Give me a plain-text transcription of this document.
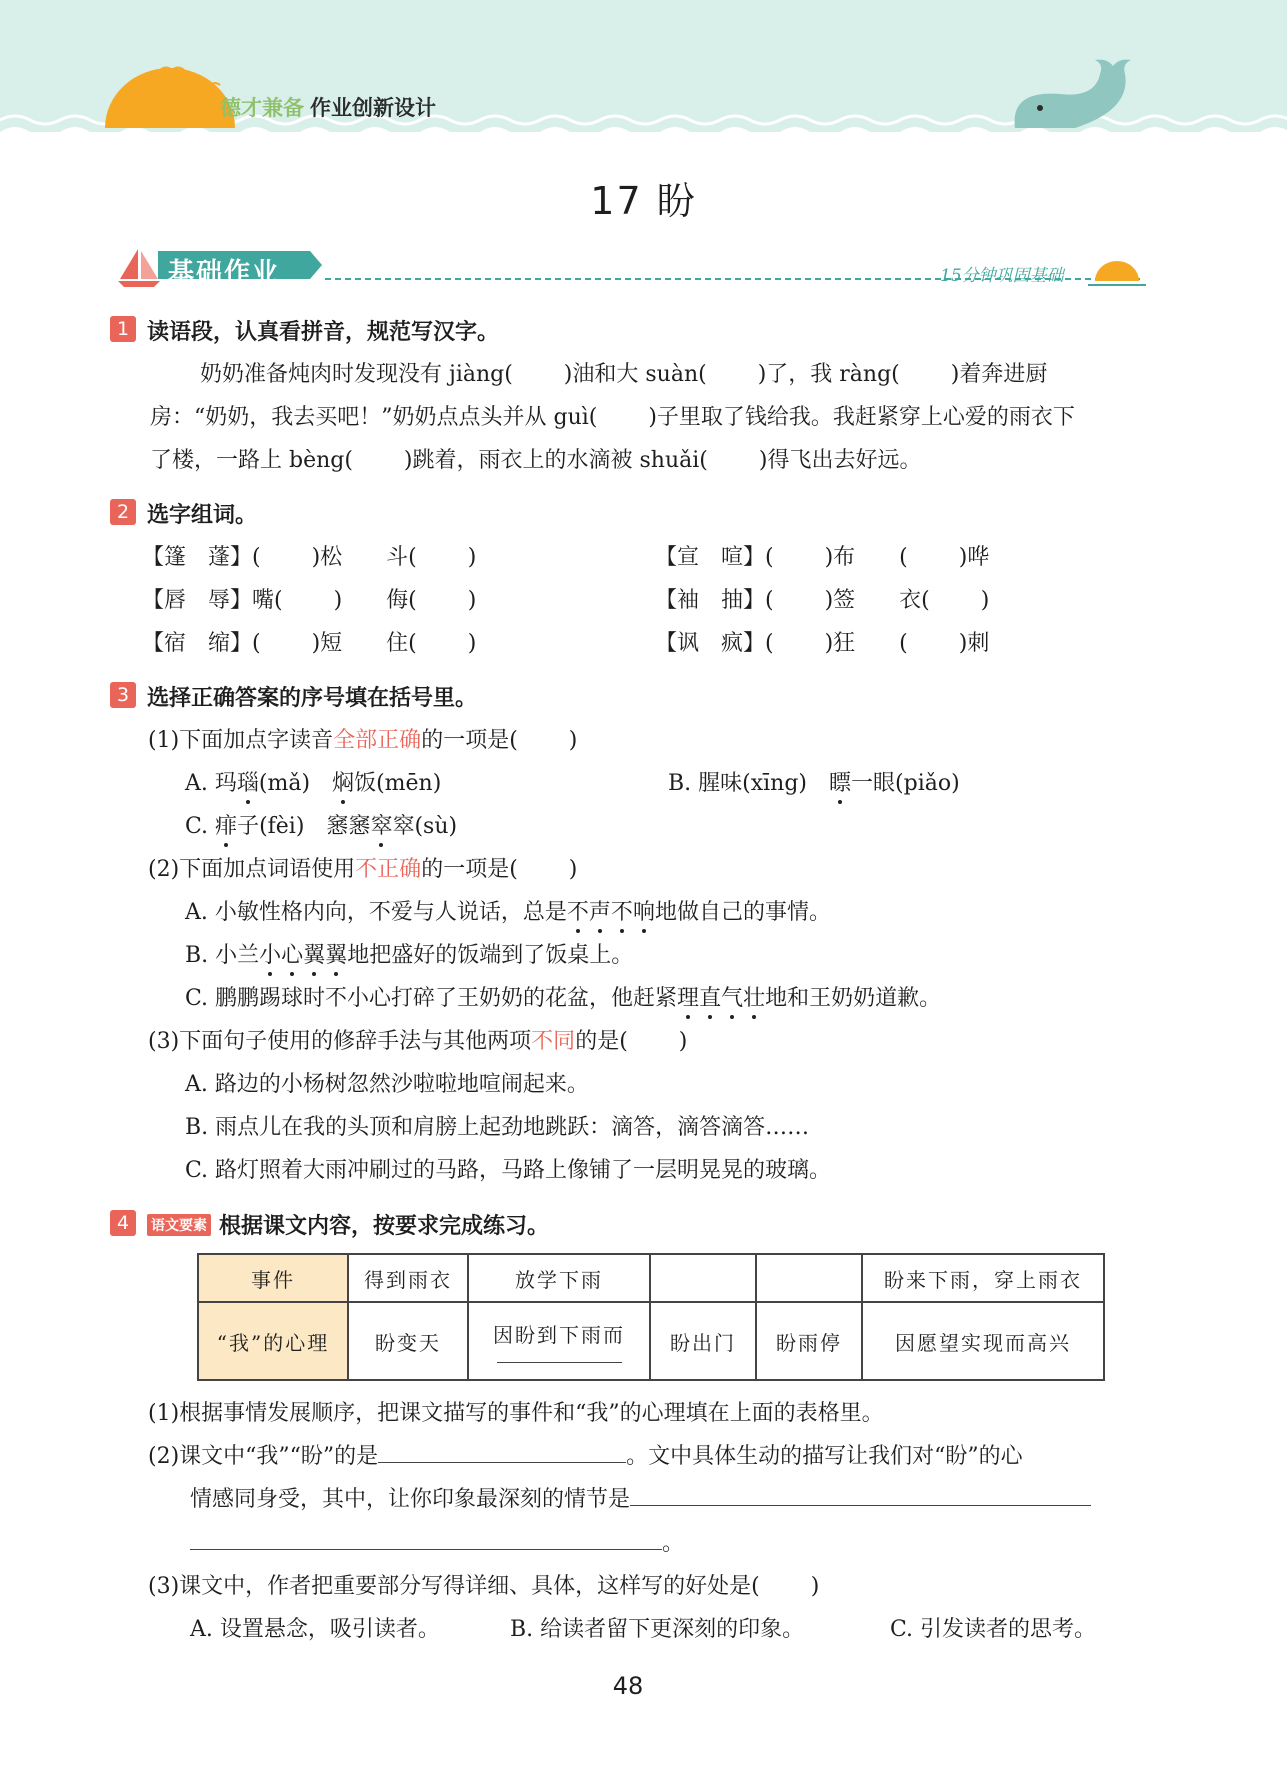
德才兼备 作业创新设计
17 盼
基础作业	15分钟巩固基础
1 读语段，认真看拼音，规范写汉字。
奶奶准备炖肉时发现没有 jiàng(　　 )油和大 suàn(　　 )了，我 ràng(　　 )着奔进厨
房：“奶奶，我去买吧！”奶奶点点头并从 guì(　　 )子里取了钱给我。我赶紧穿上心爱的雨衣下
了楼，一路上 bèng(　　 )跳着，雨衣上的水滴被 shuǎi(　　 )得飞出去好远。
2 选字组词。
【篷　蓬】(　　 )松　　斗(　　 )	【宣　喧】(　　 )布　　(　　 )哗
【唇　辱】嘴(　　 )　　侮(　　 )	【袖　抽】(　　 )签　　衣(　　 )
【宿　缩】(　　 )短　　住(　　 )	【讽　疯】(　　 )狂　　(　　 )刺
3 选择正确答案的序号填在括号里。
(1)下面加点字读音全部正确的一项是(　　 )
A. 玛瑙(mǎ)　焖饭(mēn)	B. 腥味(xīng)　瞟一眼(piǎo)
C. 痱子(fèi)　窸窸窣窣(sù)
(2)下面加点词语使用不正确的一项是(　　 )
A. 小敏性格内向，不爱与人说话，总是不声不响地做自己的事情。
B. 小兰小心翼翼地把盛好的饭端到了饭桌上。
C. 鹏鹏踢球时不小心打碎了王奶奶的花盆，他赶紧理直气壮地和王奶奶道歉。
(3)下面句子使用的修辞手法与其他两项不同的是(　　 )
A. 路边的小杨树忽然沙啦啦地喧闹起来。
B. 雨点儿在我的头顶和肩膀上起劲地跳跃：滴答，滴答滴答……
C. 路灯照着大雨冲刷过的马路，马路上像铺了一层明晃晃的玻璃。
4	语文要素 根据课文内容，按要求完成练习。
事件	得到雨衣	放学下雨			盼来下雨，穿上雨衣
“我”的心理	盼变天	因盼到下雨而	盼出门	盼雨停	因愿望实现而高兴
(1)根据事情发展顺序，把课文描写的事件和“我”的心理填在上面的表格里。
(2)课文中“我”“盼”的是	。文中具体生动的描写让我们对“盼”的心
情感同身受，其中，让你印象最深刻的情节是
。
(3)课文中，作者把重要部分写得详细、具体，这样写的好处是(　　 )
A. 设置悬念，吸引读者。	B. 给读者留下更深刻的印象。	C. 引发读者的思考。
48
